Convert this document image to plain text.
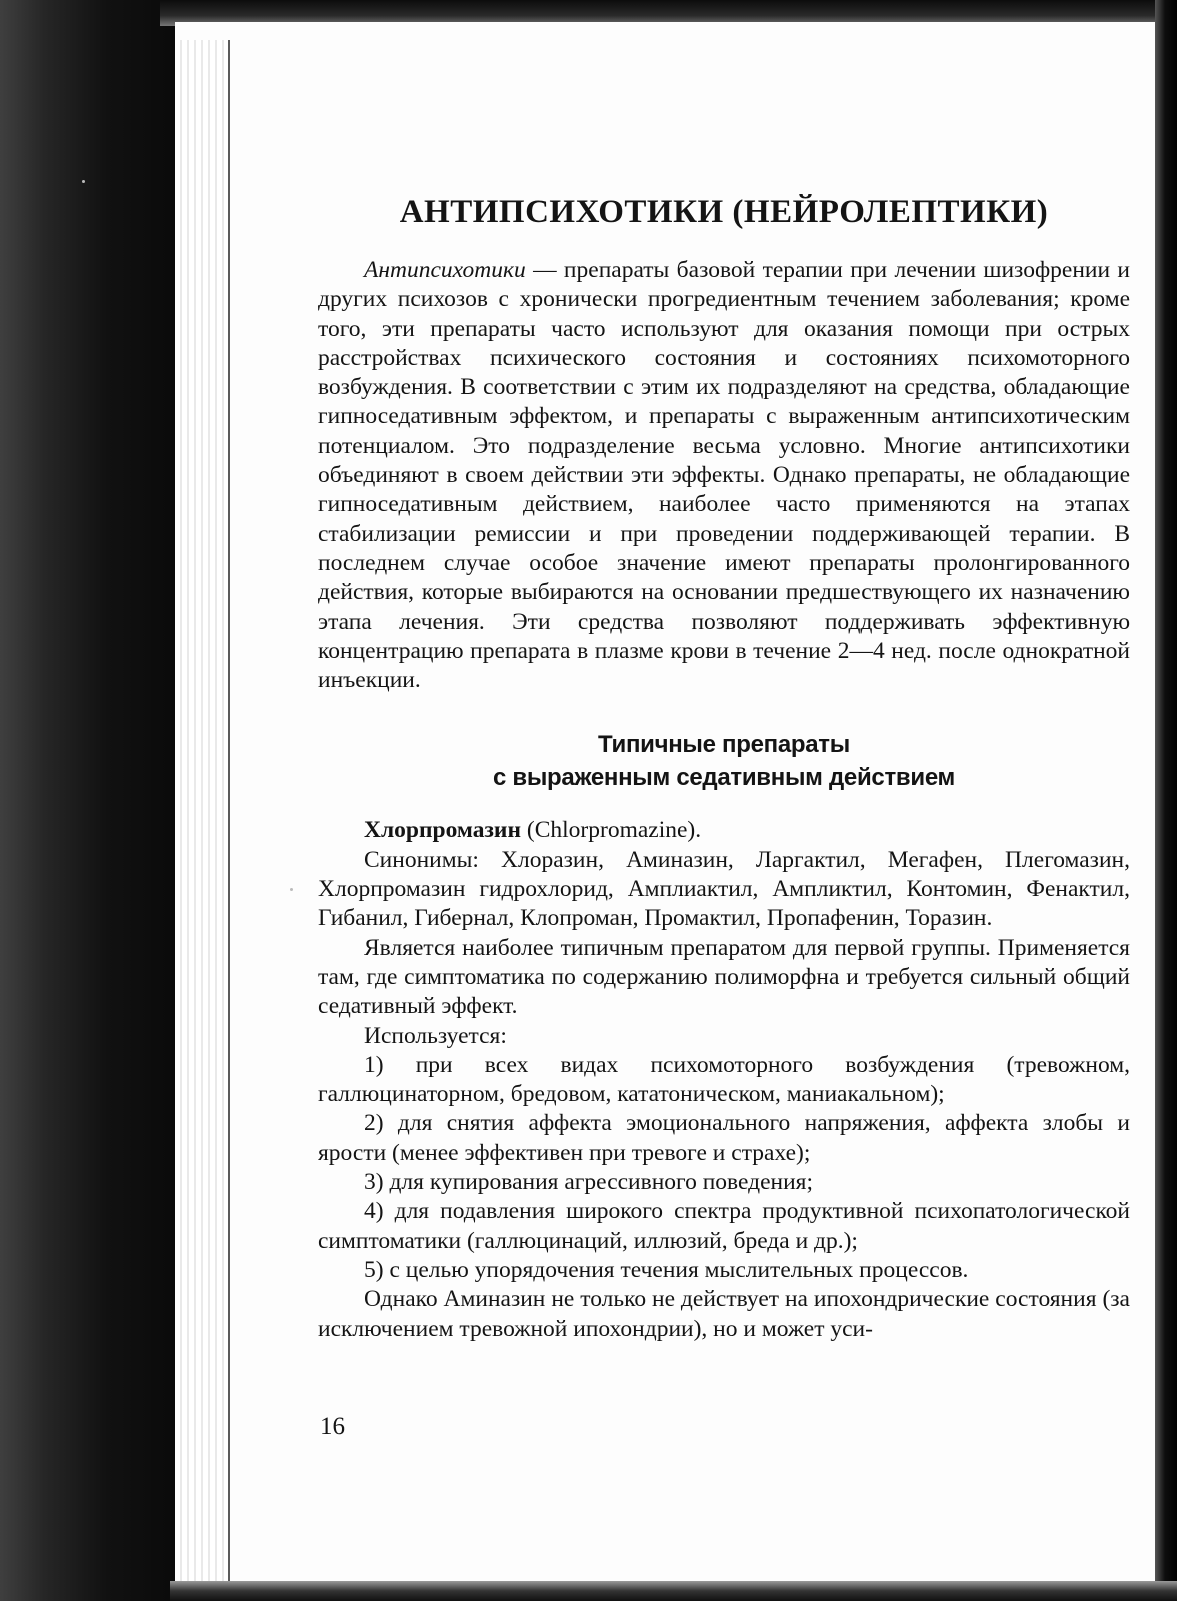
АНТИПСИХОТИКИ (НЕЙРОЛЕПТИКИ)

Антипсихотики — препараты базовой терапии при лечении шизофрении и других психозов с хронически прогредиентным течением заболевания; кроме того, эти препараты часто используют для оказания помощи при острых расстройствах психического состояния и состояниях психомоторного возбуждения. В соответствии с этим их подразделяют на средства, обладающие гипноседативным эффектом, и препараты с выраженным антипсихотическим потенциалом. Это подразделение весьма условно. Многие антипсихотики объединяют в своем действии эти эффекты. Однако препараты, не обладающие гипноседативным действием, наиболее часто применяются на этапах стабилизации ремиссии и при проведении поддерживающей терапии. В последнем случае особое значение имеют препараты пролонгированного действия, которые выбираются на основании предшествующего их назначению этапа лечения. Эти средства позволяют поддерживать эффективную концентрацию препарата в плазме крови в течение 2—4 нед. после однократной инъекции.

Типичные препараты
с выраженным седативным действием

Хлорпромазин (Chlorpromazine).

Синонимы: Хлоразин, Аминазин, Ларгактил, Мегафен, Плегомазин, Хлорпромазин гидрохлорид, Амплиактил, Ампликтил, Контомин, Фенактил, Гибанил, Гибернал, Клопроман, Промактил, Пропафенин, Торазин.

Является наиболее типичным препаратом для первой группы. Применяется там, где симптоматика по содержанию полиморфна и требуется сильный общий седативный эффект.

Используется:

1) при всех видах психомоторного возбуждения (тревожном, галлюцинаторном, бредовом, кататоническом, маниакальном);

2) для снятия аффекта эмоционального напряжения, аффекта злобы и ярости (менее эффективен при тревоге и страхе);

3) для купирования агрессивного поведения;

4) для подавления широкого спектра продуктивной психопатологической симптоматики (галлюцинаций, иллюзий, бреда и др.);

5) с целью упорядочения течения мыслительных процессов.

Однако Аминазин не только не действует на ипохондрические состояния (за исключением тревожной ипохондрии), но и может уси-

16
